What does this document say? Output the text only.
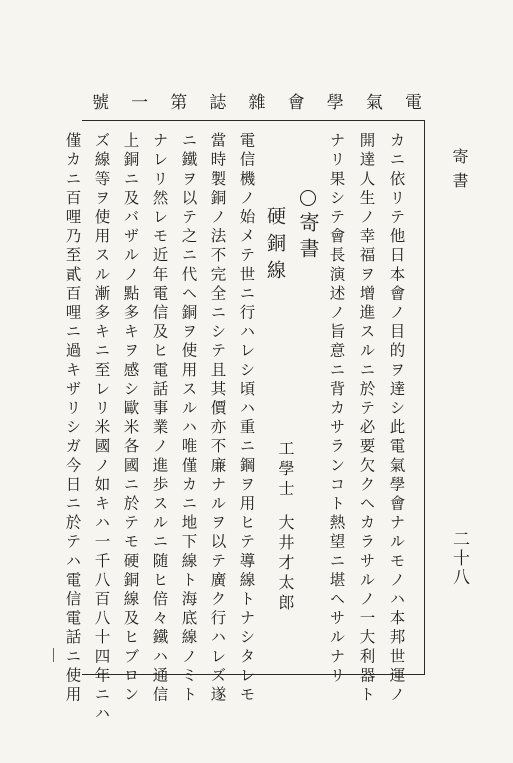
電
氣
學
會
雜
誌
第
一
號
寄書
二十八
カニ依リテ他日本會ノ目的ヲ達シ此電氣學會ナルモノハ本邦世運ノ
開達人生ノ幸福ヲ增進スルニ於テ必要欠クヘカラサルノ一大利器ト
ナリ果シテ會長演述ノ旨意ニ背カサランコト熱望ニ堪ヘサルナリ
寄書
硬銅線
工學士大井才太郎
電信機ノ始メテ世ニ行ハレシ頃ハ重ニ鋼ヲ用ヒテ導線トナシタレモ
當時製銅ノ法不完全ニシテ且其價亦不廉ナルヲ以テ廣ク行ハレズ遂
ニ鐵ヲ以テ之ニ代ヘ銅ヲ使用スルハ唯僅カニ地下線ト海底線ノミト
ナレリ然レモ近年電信及ヒ電話事業ノ進歩スルニ随ヒ倍々鐵ハ通信
上銅ニ及バザルノ點多キヲ感シ歐米各國ニ於テモ硬銅線及ヒブロン
ズ線等ヲ使用スル漸多キニ至レリ米國ノ如キハ一千八百八十四年ニハ
僅カニ百哩乃至貳百哩ニ過キザリシガ今日ニ於テハ電信電話ニ使用
